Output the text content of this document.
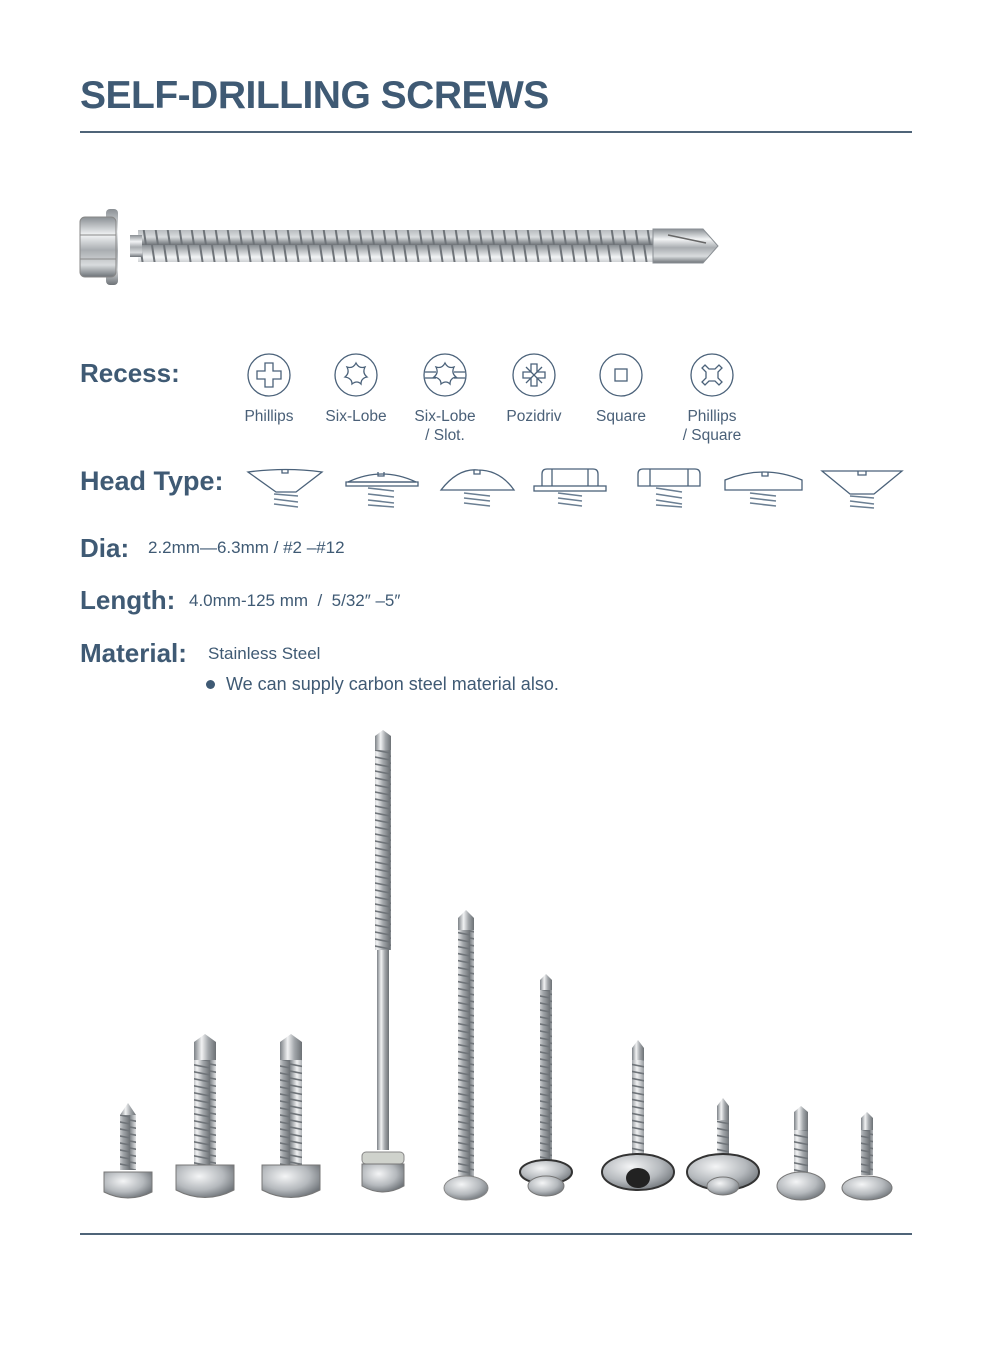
SELF-DRILLING SCREWS
Recess:
Phillips	Six-Lobe	Six-Lobe
/ Slot.
Pozidriv	Square	Phillips
/ Square
Head Type:
Dia: 2.2mm—6.3mm / #2 –#12
Length: 4.0mm-125 mm  /  5/32″ –5″
Material: Stainless Steel
We can supply carbon steel material also.
